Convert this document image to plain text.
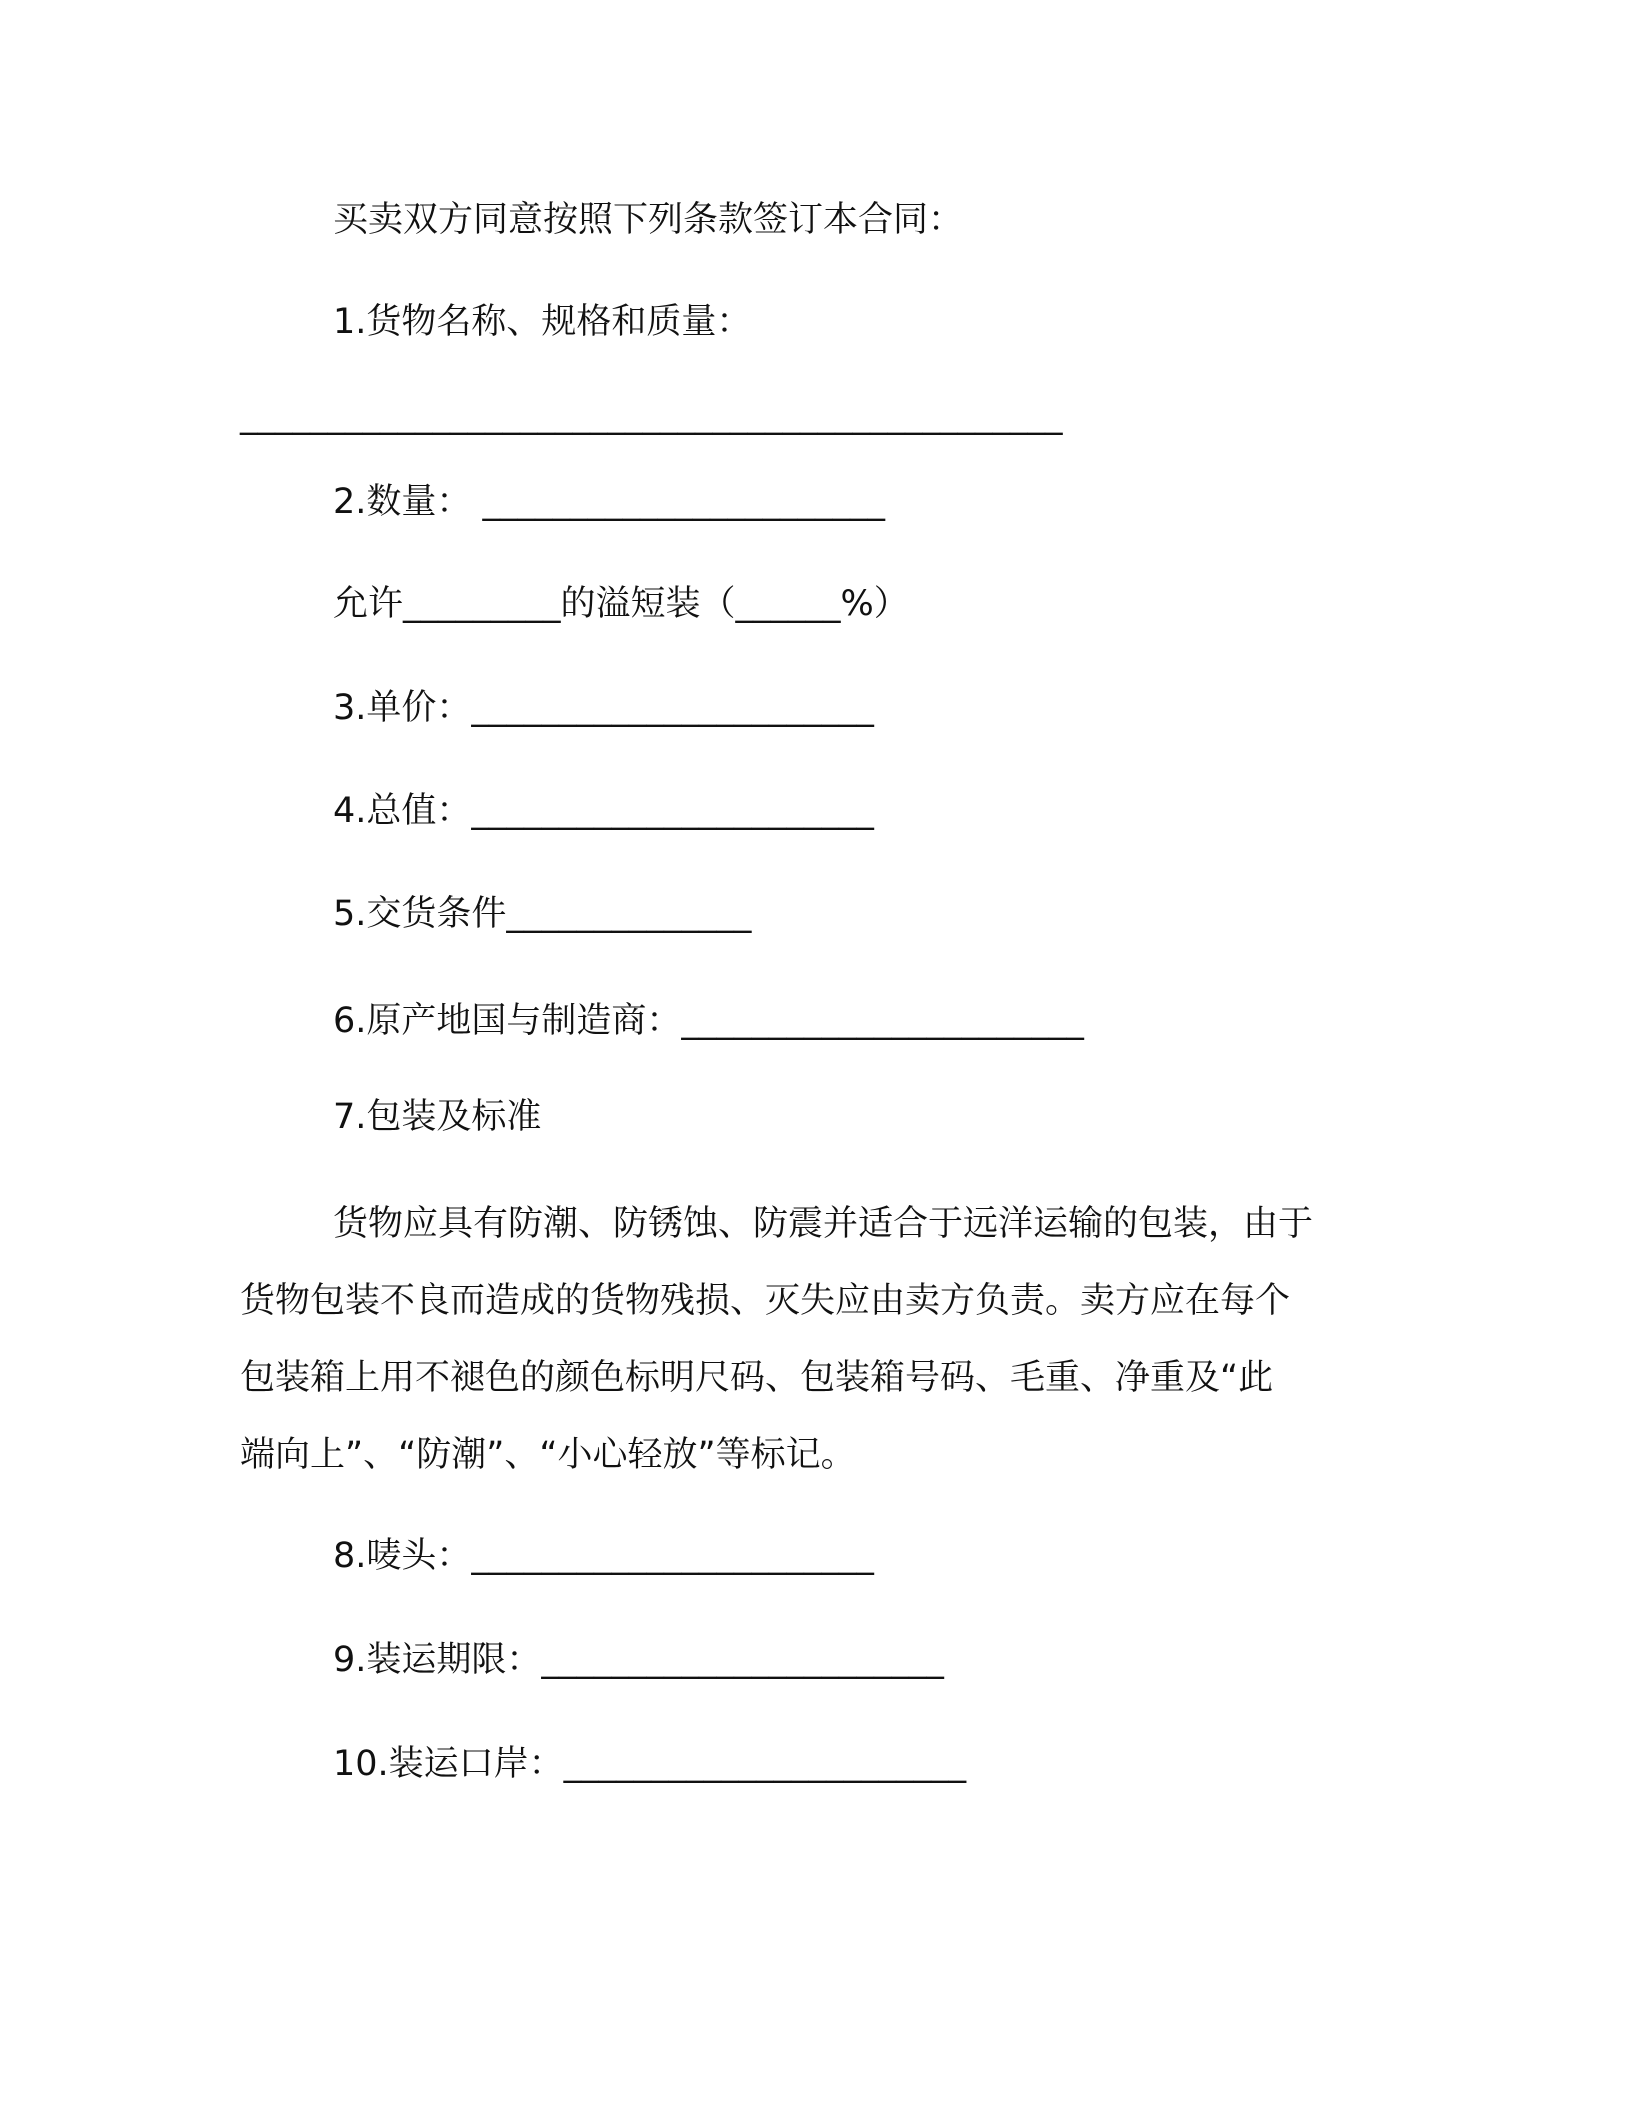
买卖双方同意按照下列条款签订本合同：

1.货物名称、规格和质量：

_______________________________________________

2.数量： _______________________

允许_________的溢短装（______%）

3.单价：_______________________

4.总值：_______________________

5.交货条件______________

6.原产地国与制造商：_______________________

7.包装及标准

货物应具有防潮、防锈蚀、防震并适合于远洋运输的包装，由于
货物包装不良而造成的货物残损、灭失应由卖方负责。卖方应在每个
包装箱上用不褪色的颜色标明尺码、包装箱号码、毛重、净重及“此
端向上”、“防潮”、“小心轻放”等标记。

8.唛头：_______________________

9.装运期限：_______________________

10.装运口岸：_______________________
